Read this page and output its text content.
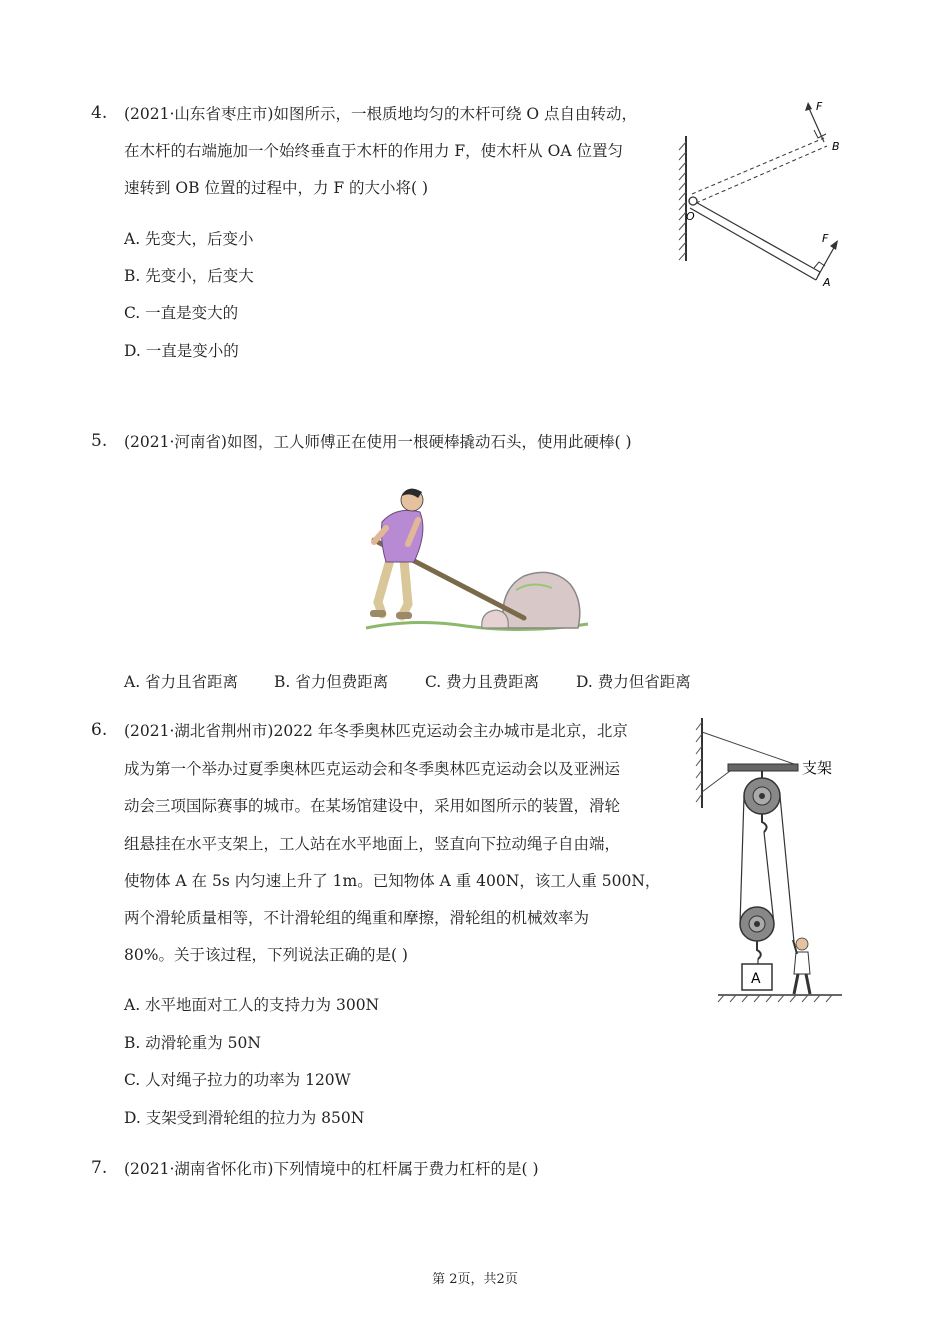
4. (2021·山东省枣庄市)如图所示，一根质地均匀的木杆可绕 O 点自由转动，
在木杆的右端施加一个始终垂直于木杆的作用力 F，使木杆从 OA 位置匀
速转到 OB 位置的过程中，力 F 的大小将( )
A. 先变大，后变小
B. 先变小，后变大
C. 一直是变大的
D. 一直是变小的
F
B
O
F
A
5. (2021·河南省)如图，工人师傅正在使用一根硬棒撬动石头，使用此硬棒( )
A. 省力且省距离 B. 省力但费距离 C. 费力且费距离 D. 费力但省距离
6. (2021·湖北省荆州市)2022 年冬季奥林匹克运动会主办城市是北京，北京
成为第一个举办过夏季奥林匹克运动会和冬季奥林匹克运动会以及亚洲运
动会三项国际赛事的城市。在某场馆建设中，采用如图所示的装置，滑轮
组悬挂在水平支架上，工人站在水平地面上，竖直向下拉动绳子自由端，
使物体 A 在 5s 内匀速上升了 1m。已知物体 A 重 400N，该工人重 500N，
两个滑轮质量相等，不计滑轮组的绳重和摩擦，滑轮组的机械效率为
80%。关于该过程，下列说法正确的是( )
A. 水平地面对工人的支持力为 300N
B. 动滑轮重为 50N
C. 人对绳子拉力的功率为 120W
D. 支架受到滑轮组的拉力为 850N
支架
A
7. (2021·湖南省怀化市)下列情境中的杠杆属于费力杠杆的是( )
第 2页，共2页
